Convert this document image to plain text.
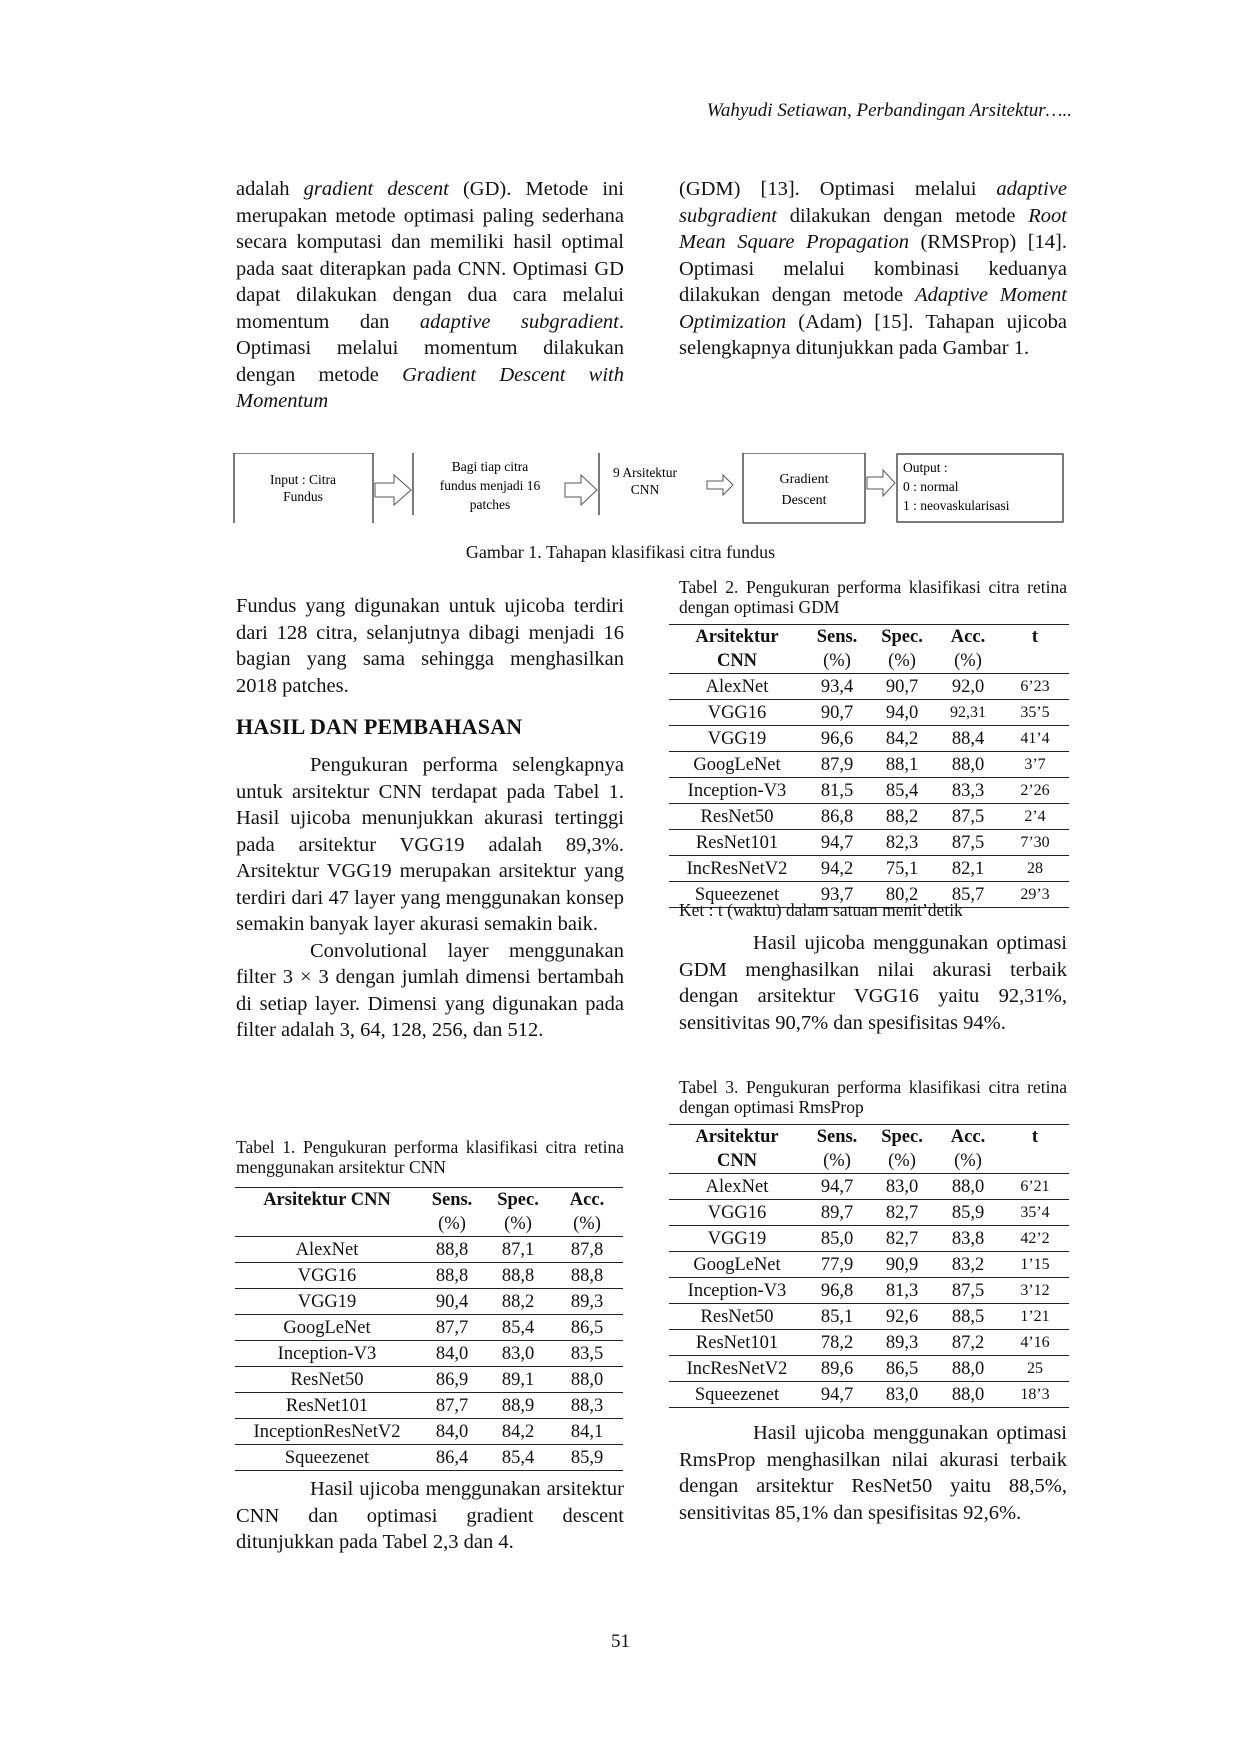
Wahyudi Setiawan, Perbandingan Arsitektur…..

adalah gradient descent (GD). Metode ini merupakan metode optimasi paling sederhana secara komputasi dan memiliki hasil optimal pada saat diterapkan pada CNN. Optimasi GD dapat dilakukan dengan dua cara melalui momentum dan adaptive subgradient. Optimasi melalui momentum dilakukan dengan metode Gradient Descent with Momentum

(GDM) [13]. Optimasi melalui adaptive subgradient dilakukan dengan metode Root Mean Square Propagation (RMSProp) [14]. Optimasi melalui kombinasi keduanya dilakukan dengan metode Adaptive Moment Optimization (Adam) [15]. Tahapan ujicoba selengkapnya ditunjukkan pada Gambar 1.

Input : Citra
Fundus
Bagi tiap citra
fundus menjadi 16
patches
9 Arsitektur
CNN
Gradient
Descent
Output :
0 : normal
1 : neovaskularisasi
Gambar 1. Tahapan klasifikasi citra fundus

Fundus yang digunakan untuk ujicoba terdiri dari 128 citra, selanjutnya dibagi menjadi 16 bagian yang sama sehingga menghasilkan 2018 patches.

HASIL DAN PEMBAHASAN

Pengukuran performa selengkapnya untuk arsitektur CNN terdapat pada Tabel 1. Hasil ujicoba menunjukkan akurasi tertinggi pada arsitektur VGG19 adalah 89,3%. Arsitektur VGG19 merupakan arsitektur yang terdiri dari 47 layer yang menggunakan konsep semakin banyak layer akurasi semakin baik.

Convolutional layer menggunakan filter 3 × 3 dengan jumlah dimensi bertambah di setiap layer. Dimensi yang digunakan pada filter adalah 3, 64, 128, 256, dan 512.

Tabel 1. Pengukuran performa klasifikasi citra retina menggunakan arsitektur CNN
Arsitektur CNN	Sens.	Spec.	Acc.
	(%)	(%)	(%)
AlexNet	88,8	87,1	87,8
VGG16	88,8	88,8	88,8
VGG19	90,4	88,2	89,3
GoogLeNet	87,7	85,4	86,5
Inception-V3	84,0	83,0	83,5
ResNet50	86,9	89,1	88,0
ResNet101	87,7	88,9	88,3
InceptionResNetV2	84,0	84,2	84,1
Squeezenet	86,4	85,4	85,9

Hasil ujicoba menggunakan arsitektur CNN dan optimasi gradient descent ditunjukkan pada Tabel 2,3 dan 4.

Tabel 2. Pengukuran performa klasifikasi citra retina dengan optimasi GDM
Arsitektur	Sens.	Spec.	Acc.	t
CNN	(%)	(%)	(%)	
AlexNet	93,4	90,7	92,0	6’23
VGG16	90,7	94,0	92,31	35’5
VGG19	96,6	84,2	88,4	41’4
GoogLeNet	87,9	88,1	88,0	3’7
Inception-V3	81,5	85,4	83,3	2’26
ResNet50	86,8	88,2	87,5	2’4
ResNet101	94,7	82,3	87,5	7’30
IncResNetV2	94,2	75,1	82,1	28
Squeezenet	93,7	80,2	85,7	29’3
Ket : t (waktu) dalam satuan menit’detik

Hasil ujicoba menggunakan optimasi GDM menghasilkan nilai akurasi terbaik dengan arsitektur VGG16 yaitu 92,31%, sensitivitas 90,7% dan spesifisitas 94%.

Tabel 3. Pengukuran performa klasifikasi citra retina dengan optimasi RmsProp
Arsitektur	Sens.	Spec.	Acc.	t
CNN	(%)	(%)	(%)	
AlexNet	94,7	83,0	88,0	6’21
VGG16	89,7	82,7	85,9	35’4
VGG19	85,0	82,7	83,8	42’2
GoogLeNet	77,9	90,9	83,2	1’15
Inception-V3	96,8	81,3	87,5	3’12
ResNet50	85,1	92,6	88,5	1’21
ResNet101	78,2	89,3	87,2	4’16
IncResNetV2	89,6	86,5	88,0	25
Squeezenet	94,7	83,0	88,0	18’3

Hasil ujicoba menggunakan optimasi RmsProp menghasilkan nilai akurasi terbaik dengan arsitektur ResNet50 yaitu 88,5%, sensitivitas 85,1% dan spesifisitas 92,6%.

51
